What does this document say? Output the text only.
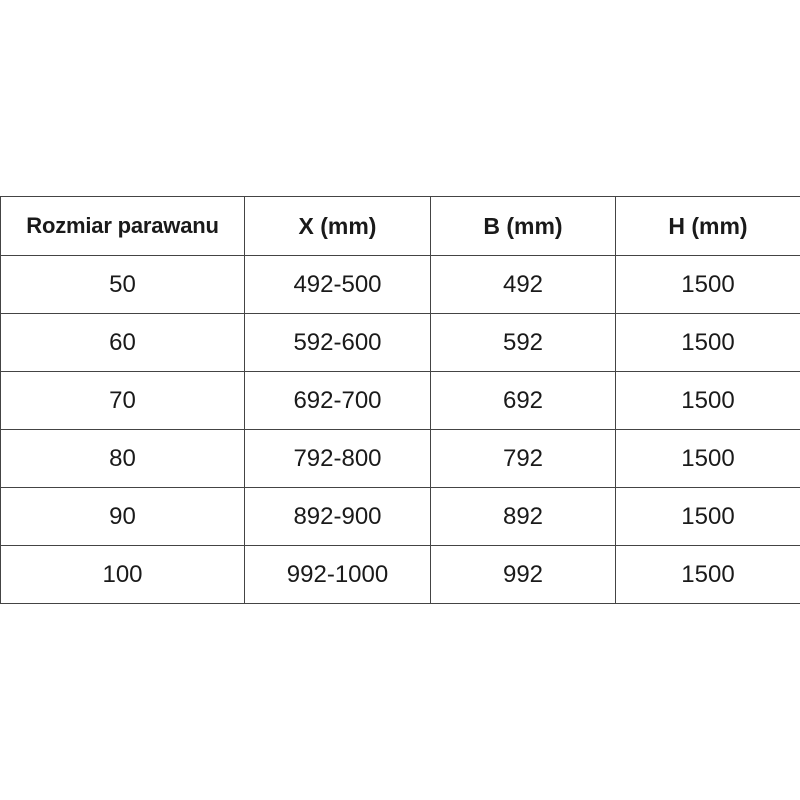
Rozmiar parawanu	X (mm)	B (mm)	H (mm)
50	492-500	492	1500
60	592-600	592	1500
70	692-700	692	1500
80	792-800	792	1500
90	892-900	892	1500
100	992-1000	992	1500
